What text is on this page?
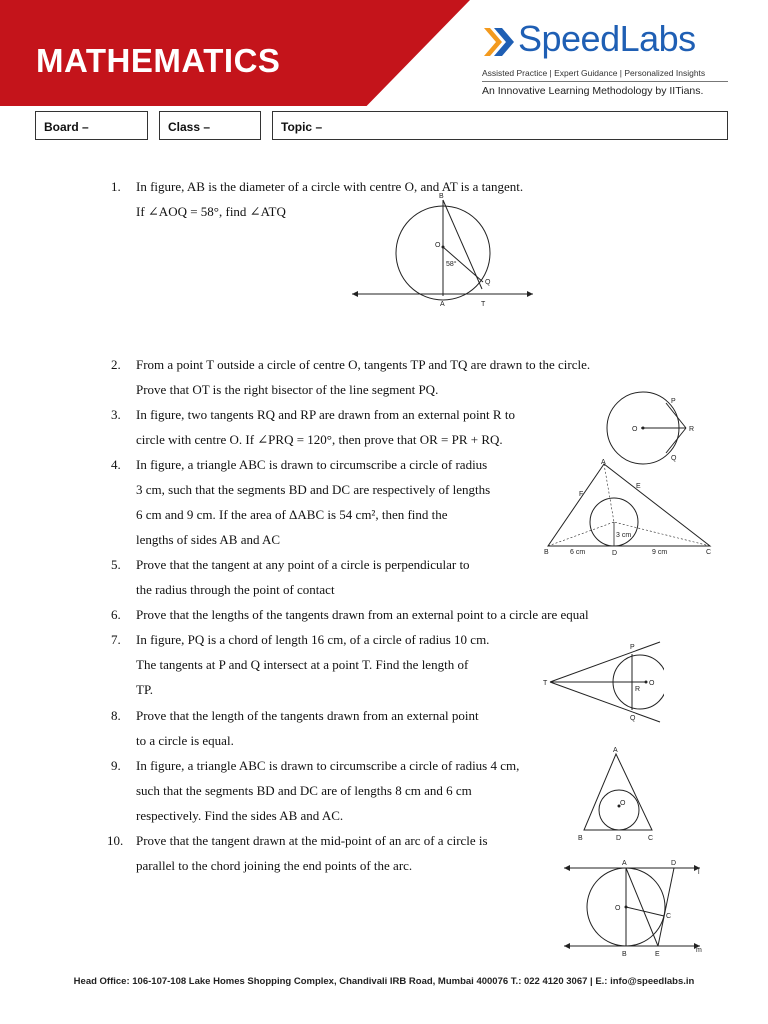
MATHEMATICS
SpeedLabs
Assisted Practice | Expert Guidance | Personalized Insights
An Innovative Learning Methodology by IITians.
Board –	Class –	Topic –
1. In figure, AB is the diameter of a circle with centre O, and AT is a tangent.
If ∠AOQ = 58°, find ∠ATQ
2. From a point T outside a circle of centre O, tangents TP and TQ are drawn to the circle.
Prove that OT is the right bisector of the line segment PQ.
3. In figure, two tangents RQ and RP are drawn from an external point R to
circle with centre O. If ∠PRQ = 120°, then prove that OR = PR + RQ.
4. In figure, a triangle ABC is drawn to circumscribe a circle of radius
3 cm, such that the segments BD and DC are respectively of lengths
6 cm and 9 cm. If the area of ΔABC is 54 cm², then find the
lengths of sides AB and AC
5. Prove that the tangent at any point of a circle is perpendicular to
the radius through the point of contact
6. Prove that the lengths of the tangents drawn from an external point to a circle are equal
7. In figure, PQ is a chord of length 16 cm, of a circle of radius 10 cm.
The tangents at P and Q intersect at a point T. Find the length of
TP.
8. Prove that the length of the tangents drawn from an external point
to a circle is equal.
9. In figure, a triangle ABC is drawn to circumscribe a circle of radius 4 cm,
such that the segments BD and DC are of lengths 8 cm and 6 cm
respectively. Find the sides AB and AC.
10. Prove that the tangent drawn at the mid-point of an arc of a circle is
parallel to the chord joining the end points of the arc.
B
O
58°
Q
A	T
O
P
R
Q
A
F
E
B	D	C
6 cm	9 cm
3 cm
P
T
R
O
Q
A
O
B	D	C
A	D
l
O
C
B	E
m
Head Office: 106-107-108 Lake Homes Shopping Complex, Chandivali IRB Road, Mumbai 400076 T.: 022 4120 3067 | E.: info@speedlabs.in
